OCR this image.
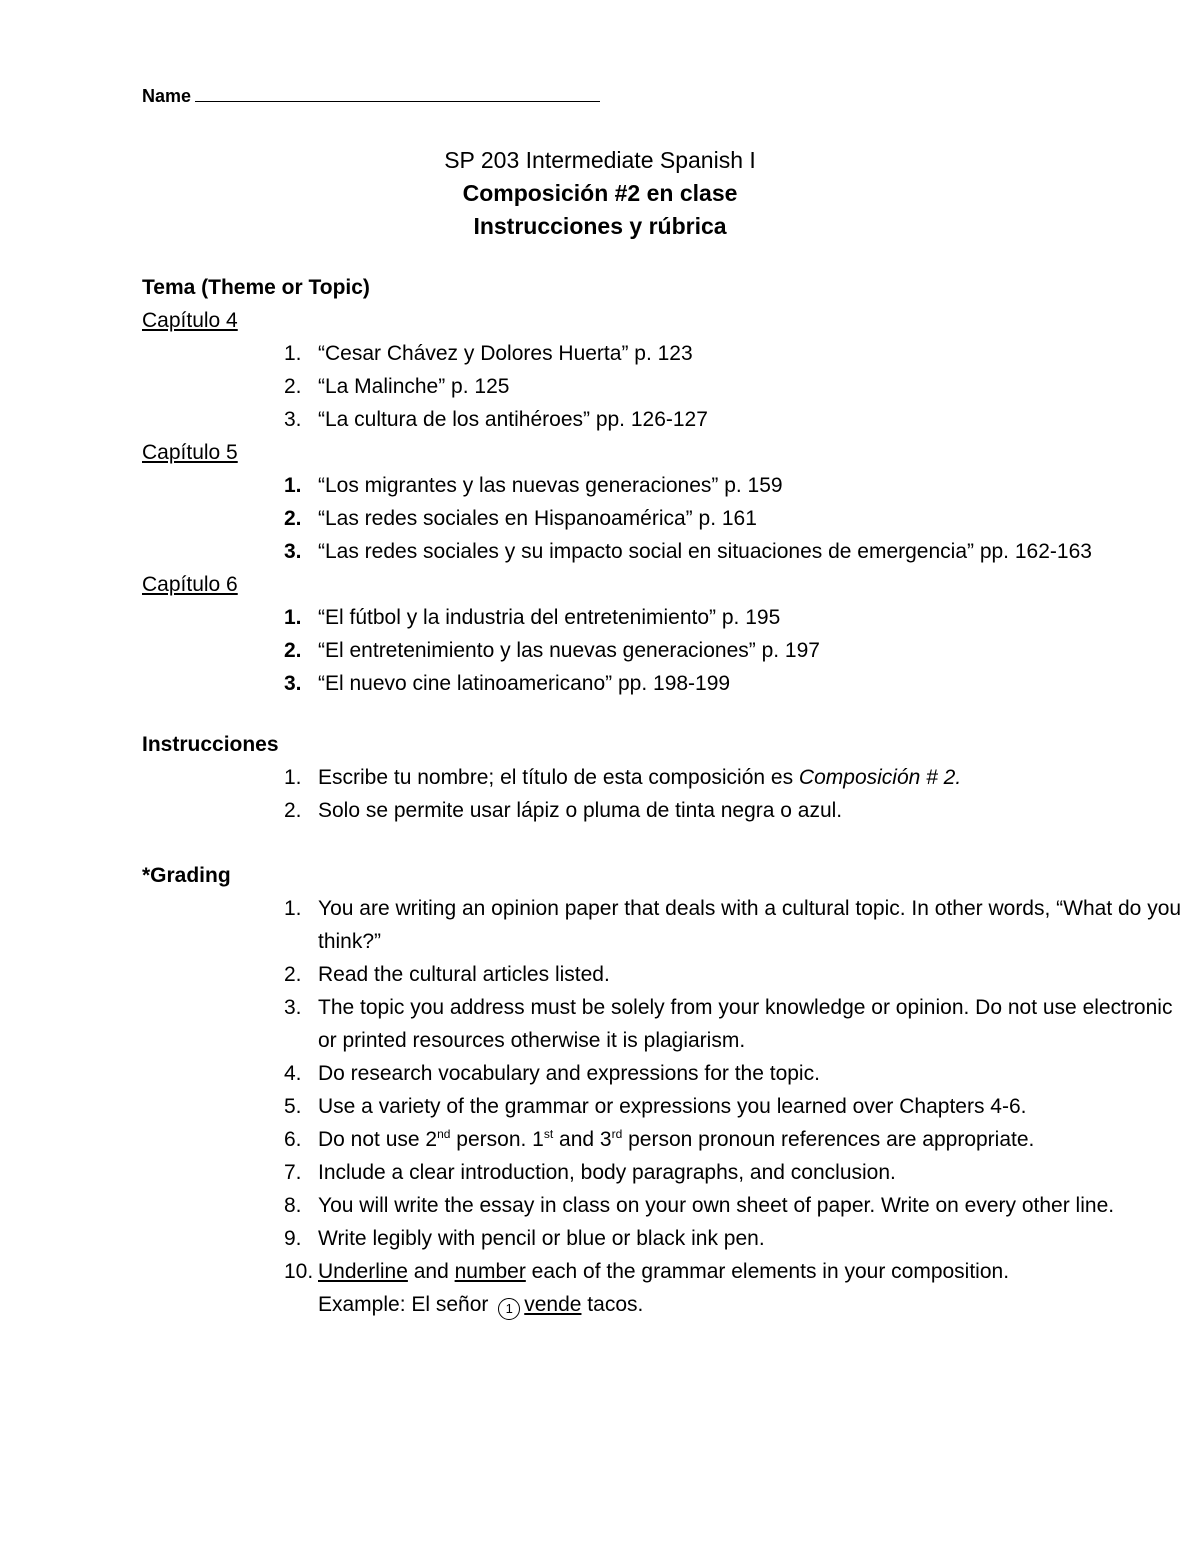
Name
SP 203 Intermediate Spanish I
Composición #2 en clase
Instrucciones y rúbrica
Tema (Theme or Topic)
Capítulo 4
1. “Cesar Chávez y Dolores Huerta” p. 123
2. “La Malinche” p. 125
3. “La cultura de los antihéroes” pp. 126-127
Capítulo 5
1. “Los migrantes y las nuevas generaciones” p. 159
2. “Las redes sociales en Hispanoamérica” p. 161
3. “Las redes sociales y su impacto social en situaciones de emergencia” pp. 162-163
Capítulo 6
1. “El fútbol y la industria del entretenimiento” p. 195
2. “El entretenimiento y las nuevas generaciones” p. 197
3. “El nuevo cine latinoamericano” pp. 198-199
Instrucciones
1. Escribe tu nombre; el título de esta composición es Composición # 2.
2. Solo se permite usar lápiz o pluma de tinta negra o azul.
*Grading
1. You are writing an opinion paper that deals with a cultural topic. In other words, “What do you
think?”
2. Read the cultural articles listed.
3. The topic you address must be solely from your knowledge or opinion. Do not use electronic
or printed resources otherwise it is plagiarism.
4. Do research vocabulary and expressions for the topic.
5. Use a variety of the grammar or expressions you learned over Chapters 4-6.
6. Do not use 2nd person. 1st and 3rd person pronoun references are appropriate.
7. Include a clear introduction, body paragraphs, and conclusion.
8. You will write the essay in class on your own sheet of paper. Write on every other line.
9. Write legibly with pencil or blue or black ink pen.
10. Underline and number each of the grammar elements in your composition.
Example: El señor 1 vende tacos.
